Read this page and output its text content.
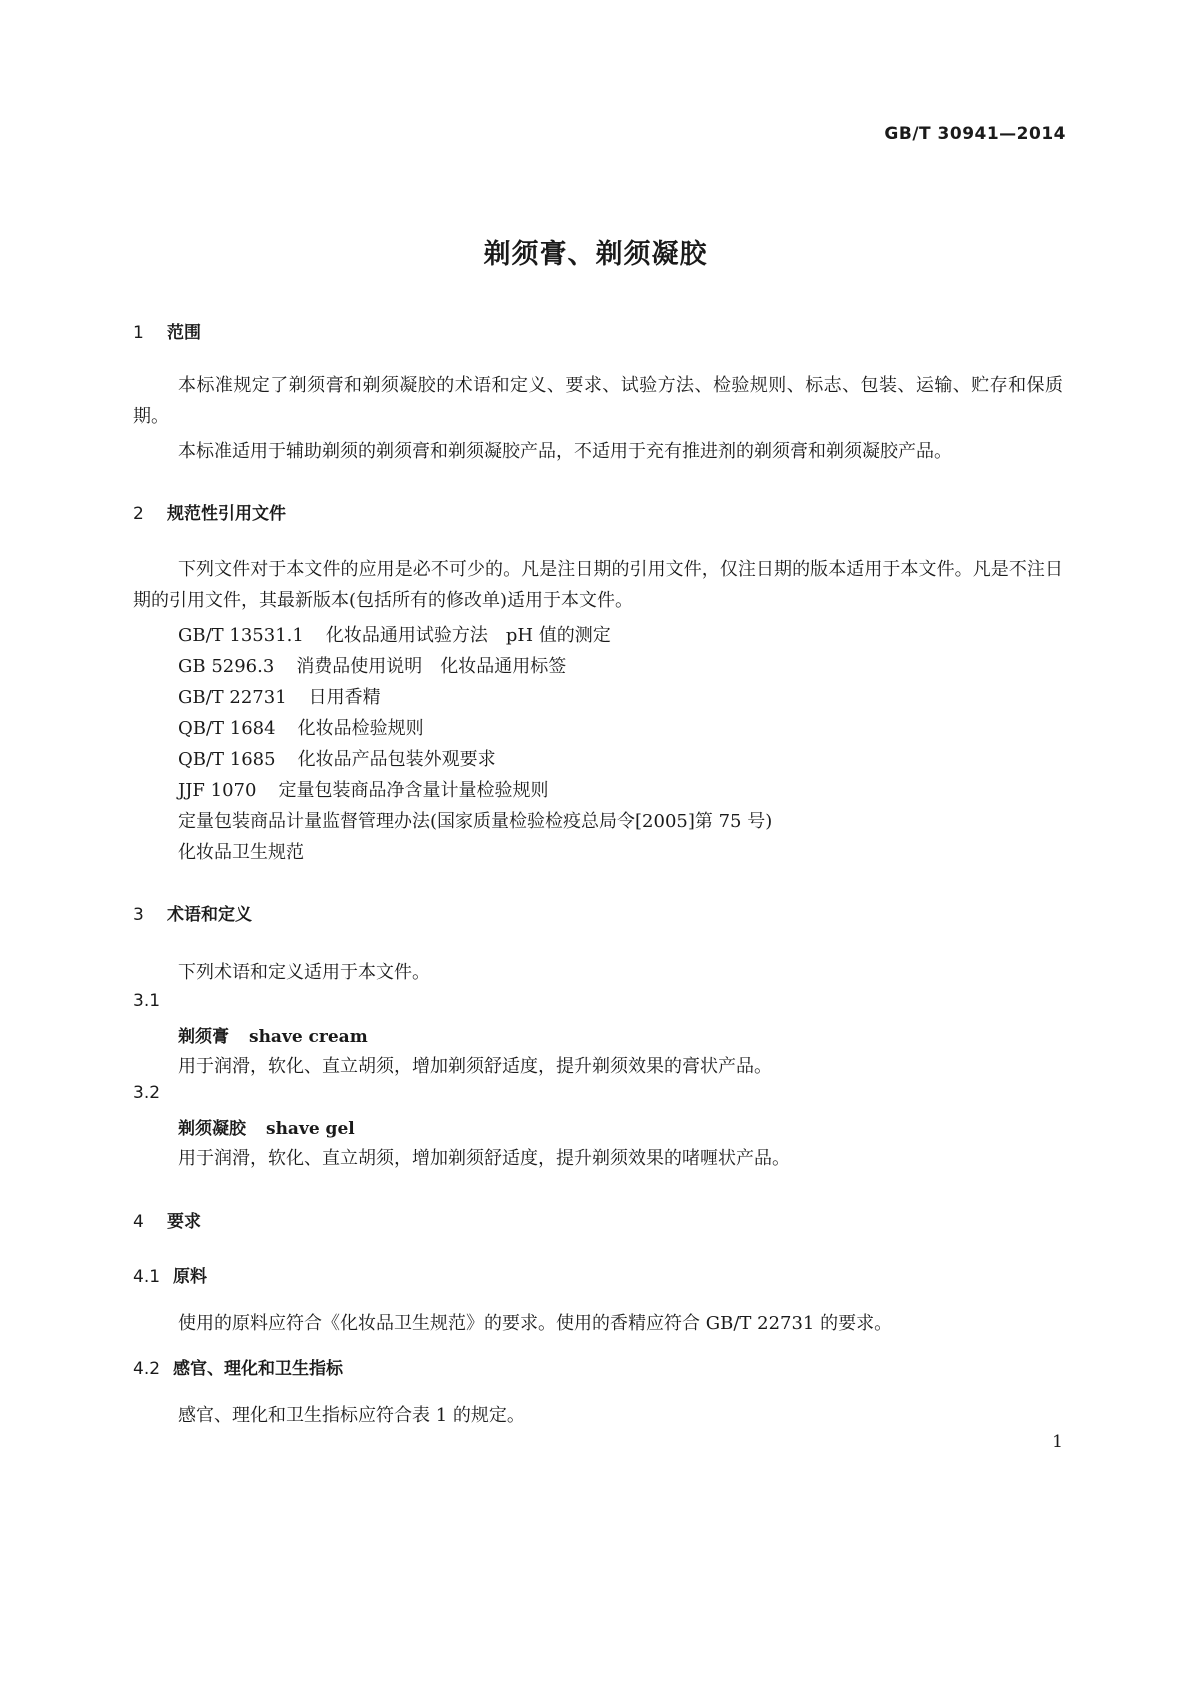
GB/T 30941—2014
剃须膏、剃须凝胶
1 范围
本标准规定了剃须膏和剃须凝胶的术语和定义、要求、试验方法、检验规则、标志、包装、运输、贮存和保质期。
本标准适用于辅助剃须的剃须膏和剃须凝胶产品，不适用于充有推进剂的剃须膏和剃须凝胶产品。
2 规范性引用文件
下列文件对于本文件的应用是必不可少的。凡是注日期的引用文件，仅注日期的版本适用于本文件。凡是不注日期的引用文件，其最新版本(包括所有的修改单)适用于本文件。
GB/T 13531.1 化妆品通用试验方法　pH 值的测定
GB 5296.3 消费品使用说明　化妆品通用标签
GB/T 22731 日用香精
QB/T 1684 化妆品检验规则
QB/T 1685 化妆品产品包装外观要求
JJF 1070 定量包装商品净含量计量检验规则
定量包装商品计量监督管理办法(国家质量检验检疫总局令[2005]第 75 号)
化妆品卫生规范
3 术语和定义
下列术语和定义适用于本文件。
3.1
剃须膏 shave cream
用于润滑，软化、直立胡须，增加剃须舒适度，提升剃须效果的膏状产品。
3.2
剃须凝胶 shave gel
用于润滑，软化、直立胡须，增加剃须舒适度，提升剃须效果的啫喱状产品。
4 要求
4.1 原料
使用的原料应符合《化妆品卫生规范》的要求。使用的香精应符合 GB/T 22731 的要求。
4.2 感官、理化和卫生指标
感官、理化和卫生指标应符合表 1 的规定。
1
